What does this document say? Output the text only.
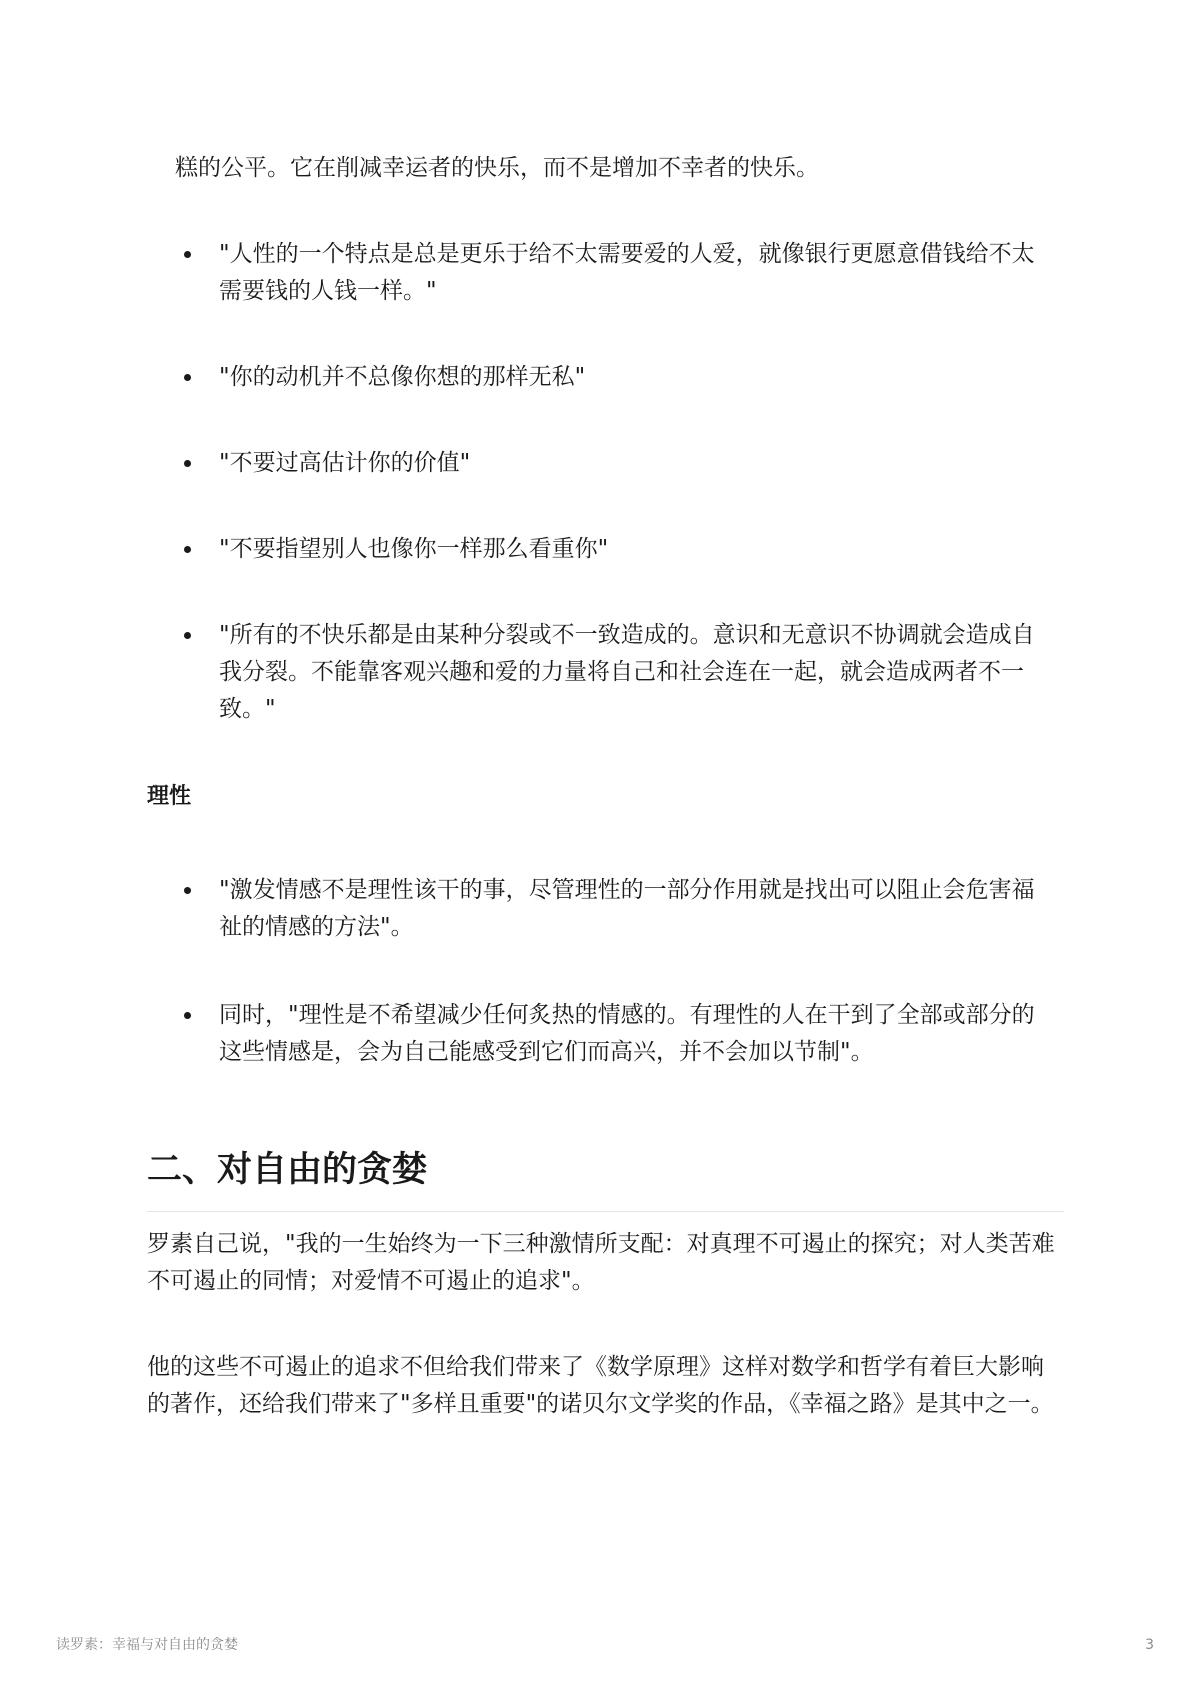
糕的公平。它在削减幸运者的快乐，而不是增加不幸者的快乐。

"人性的一个特点是总是更乐于给不太需要爱的人爱，就像银行更愿意借钱给不太需要钱的人钱一样。"
"你的动机并不总像你想的那样无私"
"不要过高估计你的价值"
"不要指望别人也像你一样那么看重你"
"所有的不快乐都是由某种分裂或不一致造成的。意识和无意识不协调就会造成自我分裂。不能靠客观兴趣和爱的力量将自己和社会连在一起，就会造成两者不一致。"
理性
"激发情感不是理性该干的事，尽管理性的一部分作用就是找出可以阻止会危害福祉的情感的方法"。
同时，"理性是不希望减少任何炙热的情感的。有理性的人在干到了全部或部分的这些情感是，会为自己能感受到它们而高兴，并不会加以节制"。
二、对自由的贪婪

罗素自己说，"我的一生始终为一下三种激情所支配：对真理不可遏止的探究；对人类苦难不可遏止的同情；对爱情不可遏止的追求"。

他的这些不可遏止的追求不但给我们带来了《数学原理》这样对数学和哲学有着巨大影响的著作，还给我们带来了"多样且重要"的诺贝尔文学奖的作品，《幸福之路》是其中之一。

读罗素：幸福与对自由的贪婪	3
